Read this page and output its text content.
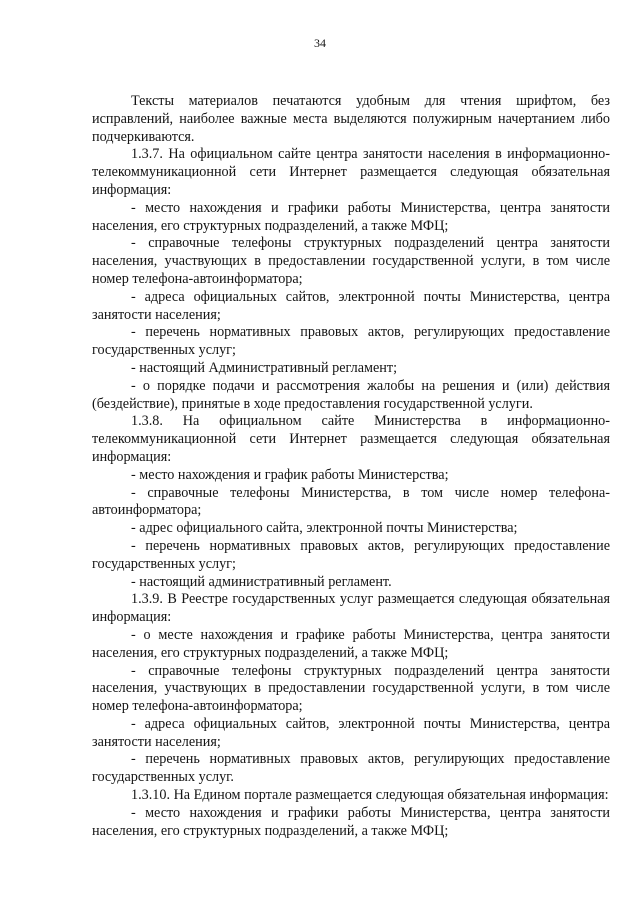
34

Тексты материалов печатаются удобным для чтения шрифтом, без исправлений, наиболее важные места выделяются полужирным начертанием либо подчеркиваются.

1.3.7. На официальном сайте центра занятости населения в информационно-телекоммуникационной сети Интернет размещается следующая обязательная информация:

- место нахождения и графики работы Министерства, центра занятости населения, его структурных подразделений, а также МФЦ;

- справочные телефоны структурных подразделений центра занятости населения, участвующих в предоставлении государственной услуги, в том числе номер телефона-автоинформатора;

- адреса официальных сайтов, электронной почты Министерства, центра занятости населения;

- перечень нормативных правовых актов, регулирующих предоставление государственных услуг;

- настоящий Административный регламент;

- о порядке подачи и рассмотрения жалобы на решения и (или) действия (бездействие), принятые в ходе предоставления государственной услуги.

1.3.8. На официальном сайте Министерства в информационно-телекоммуникационной сети Интернет размещается следующая обязательная информация:

- место нахождения и график работы Министерства;

- справочные телефоны Министерства, в том числе номер телефона-автоинформатора;

- адрес официального сайта, электронной почты Министерства;

- перечень нормативных правовых актов, регулирующих предоставление государственных услуг;

- настоящий административный регламент.

1.3.9. В Реестре государственных услуг размещается следующая обязательная информация:

- о месте нахождения и графике работы Министерства, центра занятости населения, его структурных подразделений, а также МФЦ;

- справочные телефоны структурных подразделений центра занятости населения, участвующих в предоставлении государственной услуги, в том числе номер телефона-автоинформатора;

- адреса официальных сайтов, электронной почты Министерства, центра занятости населения;

- перечень нормативных правовых актов, регулирующих предоставление государственных услуг.

1.3.10. На Едином портале размещается следующая обязательная информация:

- место нахождения и графики работы Министерства, центра занятости населения, его структурных подразделений, а также МФЦ;
